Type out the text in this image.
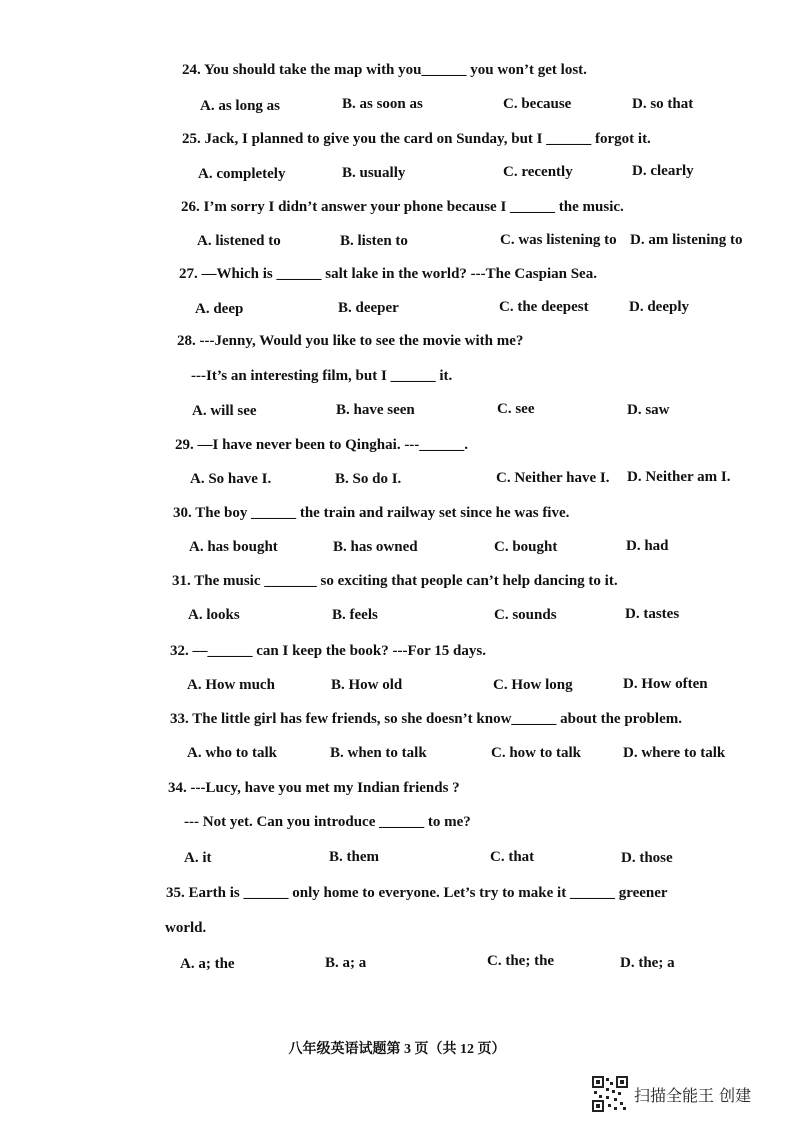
24. You should take the map with you______ you won’t get lost.
A. as long as	B. as soon as	C. because	D. so that
25. Jack, I planned to give you the card on Sunday, but I ______ forgot it.
A. completely	B. usually	C. recently	D. clearly
26. I’m sorry I didn’t answer your phone because I ______ the music.
A. listened to	B. listen to	C. was listening to D. am listening to
27. —Which is ______ salt lake in the world? ---The Caspian Sea.
A. deep	B. deeper	C. the deepest	D. deeply
28. ---Jenny, Would you like to see the movie with me?
---It’s an interesting film, but I ______ it.
A. will see	B. have seen	C. see	D. saw
29. —I have never been to Qinghai. ---______.
A. So have I.	B. So do I.	C. Neither have I. D. Neither am I.
30. The boy ______ the train and railway set since he was five.
A. has bought	B. has owned	C. bought	D. had
31. The music _______ so exciting that people can’t help dancing to it.
A. looks	B. feels	C. sounds	D. tastes
32. —______ can I keep the book? ---For 15 days.
A. How much	B. How old	C. How long	D. How often
33. The little girl has few friends, so she doesn’t know______ about the problem.
A. who to talk	B. when to talk	C. how to talk	D. where to talk
34. ---Lucy, have you met my Indian friends ?
--- Not yet. Can you introduce ______ to me?
A. it	B. them	C. that	D. those
35. Earth is ______ only home to everyone. Let’s try to make it ______ greener
world.
A. a; the	B. a; a	C. the; the	D. the; a
八年级英语试题第 3 页（共 12 页）
扫描全能王 创建
